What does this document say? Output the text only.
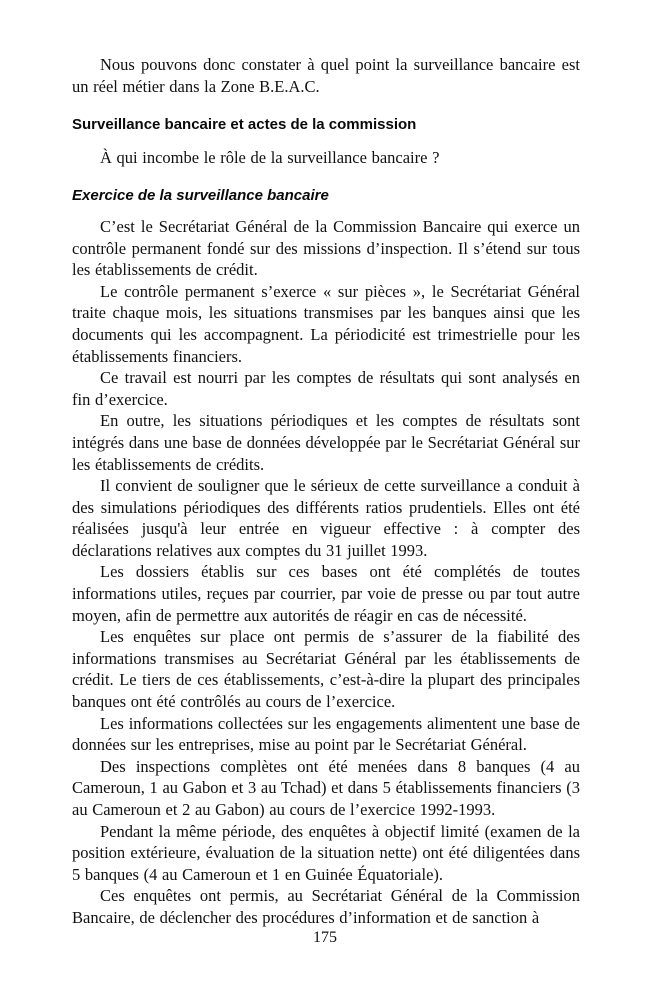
Nous pouvons donc constater à quel point la surveillance bancaire est un réel métier dans la Zone B.E.A.C.

Surveillance bancaire et actes de la commission

À qui incombe le rôle de la surveillance bancaire ?

Exercice de la surveillance bancaire

C’est le Secrétariat Général de la Commission Bancaire qui exerce un contrôle permanent fondé sur des missions d’inspection. Il s’étend sur tous les établissements de crédit.

Le contrôle permanent s’exerce « sur pièces », le Secrétariat Général traite chaque mois, les situations transmises par les banques ainsi que les documents qui les accompagnent. La périodicité est trimestrielle pour les établissements financiers.

Ce travail est nourri par les comptes de résultats qui sont analysés en fin d’exercice.

En outre, les situations périodiques et les comptes de résultats sont intégrés dans une base de données développée par le Secrétariat Général sur les établissements de crédits.

Il convient de souligner que le sérieux de cette surveillance a conduit à des simulations périodiques des différents ratios prudentiels. Elles ont été réalisées jusqu'à leur entrée en vigueur effective : à compter des déclarations relatives aux comptes du 31 juillet 1993.

Les dossiers établis sur ces bases ont été complétés de toutes informations utiles, reçues par courrier, par voie de presse ou par tout autre moyen, afin de permettre aux autorités de réagir en cas de nécessité.

Les enquêtes sur place ont permis de s’assurer de la fiabilité des informations transmises au Secrétariat Général par les établissements de crédit. Le tiers de ces établissements, c’est-à-dire la plupart des principales banques ont été contrôlés au cours de l’exercice.

Les informations collectées sur les engagements alimentent une base de données sur les entreprises, mise au point par le Secrétariat Général.

Des inspections complètes ont été menées dans 8 banques (4 au Cameroun, 1 au Gabon et 3 au Tchad) et dans 5 établissements financiers (3 au Cameroun et 2 au Gabon) au cours de l’exercice 1992-1993.

Pendant la même période, des enquêtes à objectif limité (examen de la position extérieure, évaluation de la situation nette) ont été diligentées dans 5 banques (4 au Cameroun et 1 en Guinée Équatoriale).

Ces enquêtes ont permis, au Secrétariat Général de la Commission Bancaire, de déclencher des procédures d’information et de sanction à

175
